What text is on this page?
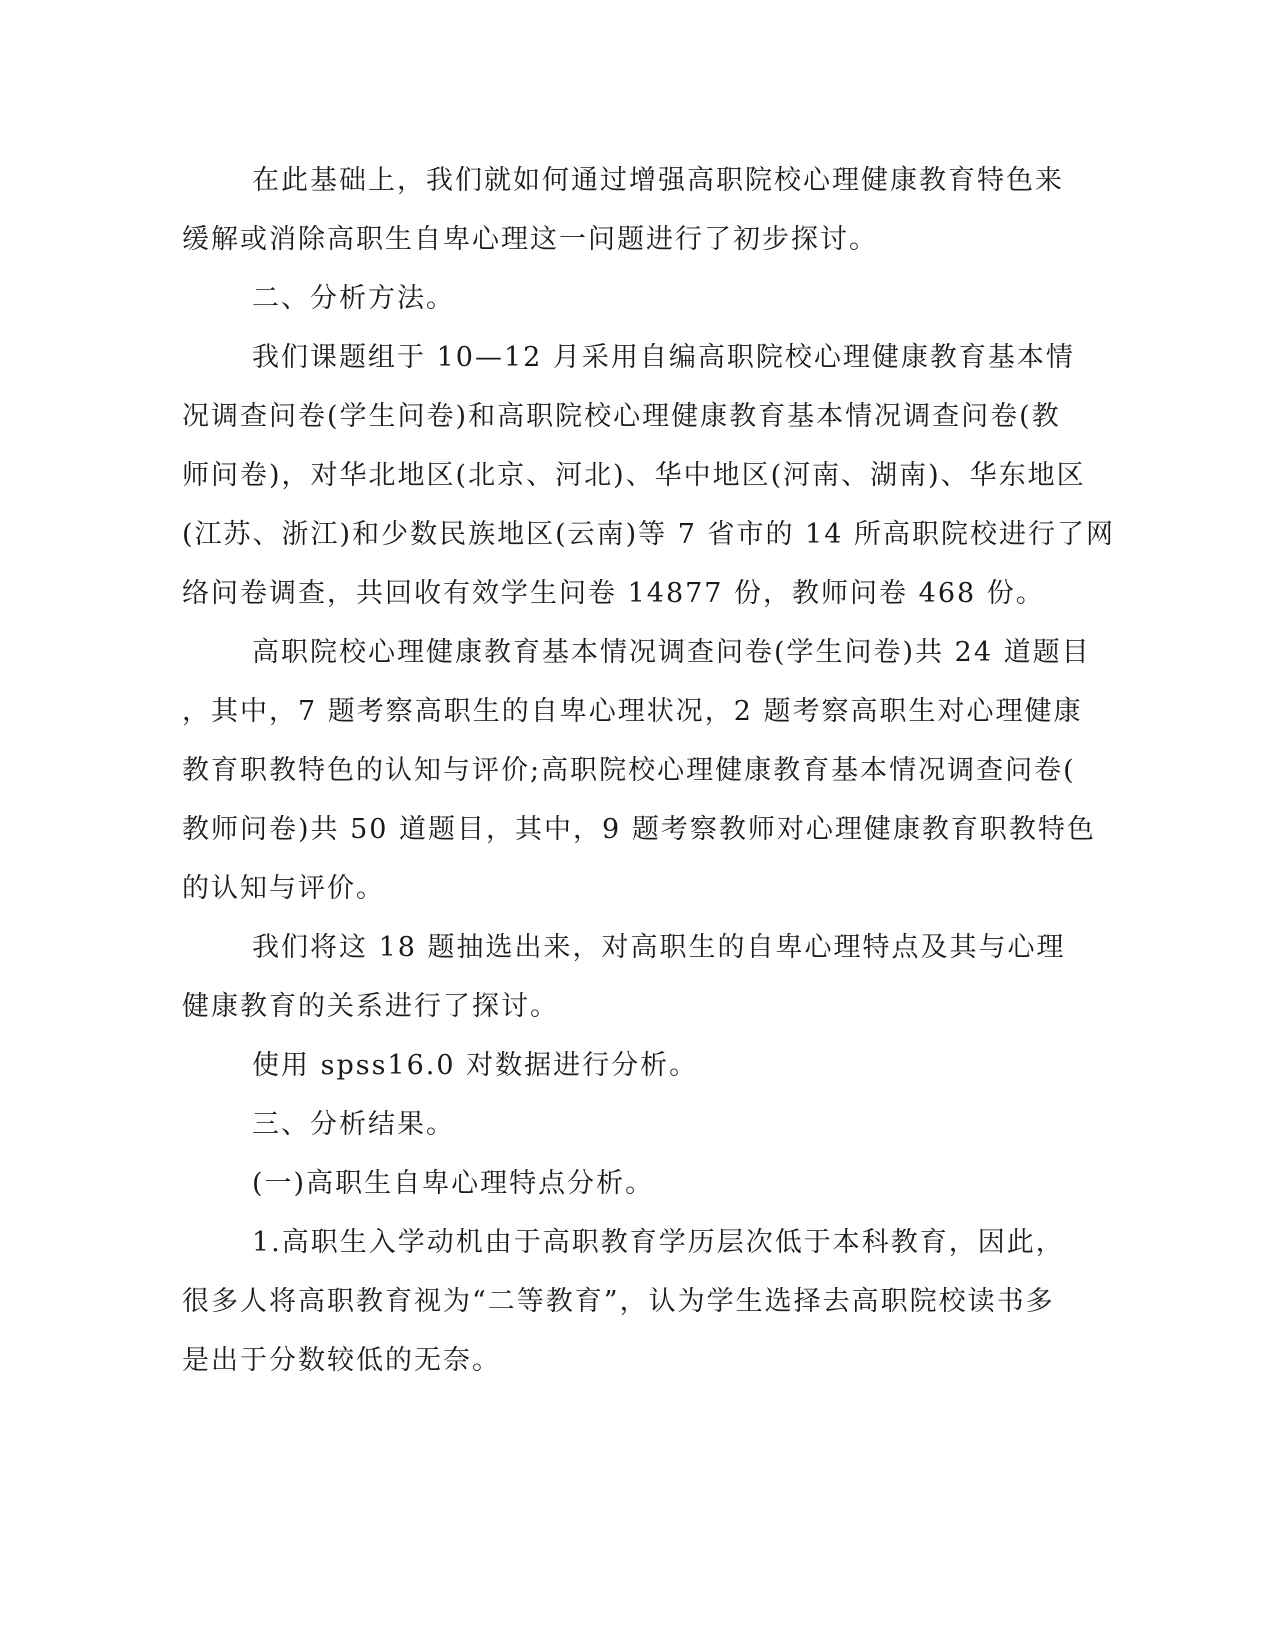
在此基础上，我们就如何通过增强高职院校心理健康教育特色来
缓解或消除高职生自卑心理这一问题进行了初步探讨。
二、分析方法。
我们课题组于 10—12 月采用自编高职院校心理健康教育基本情
况调查问卷(学生问卷)和高职院校心理健康教育基本情况调查问卷(教
师问卷)，对华北地区(北京、河北)、华中地区(河南、湖南)、华东地区
(江苏、浙江)和少数民族地区(云南)等 7 省市的 14 所高职院校进行了网
络问卷调查，共回收有效学生问卷 14877 份，教师问卷 468 份。
高职院校心理健康教育基本情况调查问卷(学生问卷)共 24 道题目
，其中，7 题考察高职生的自卑心理状况，2 题考察高职生对心理健康
教育职教特色的认知与评价;高职院校心理健康教育基本情况调查问卷(
教师问卷)共 50 道题目，其中，9 题考察教师对心理健康教育职教特色
的认知与评价。
我们将这 18 题抽选出来，对高职生的自卑心理特点及其与心理
健康教育的关系进行了探讨。
使用 spss16.0 对数据进行分析。
三、分析结果。
(一)高职生自卑心理特点分析。
1.高职生入学动机由于高职教育学历层次低于本科教育，因此，
很多人将高职教育视为“二等教育”，认为学生选择去高职院校读书多
是出于分数较低的无奈。
